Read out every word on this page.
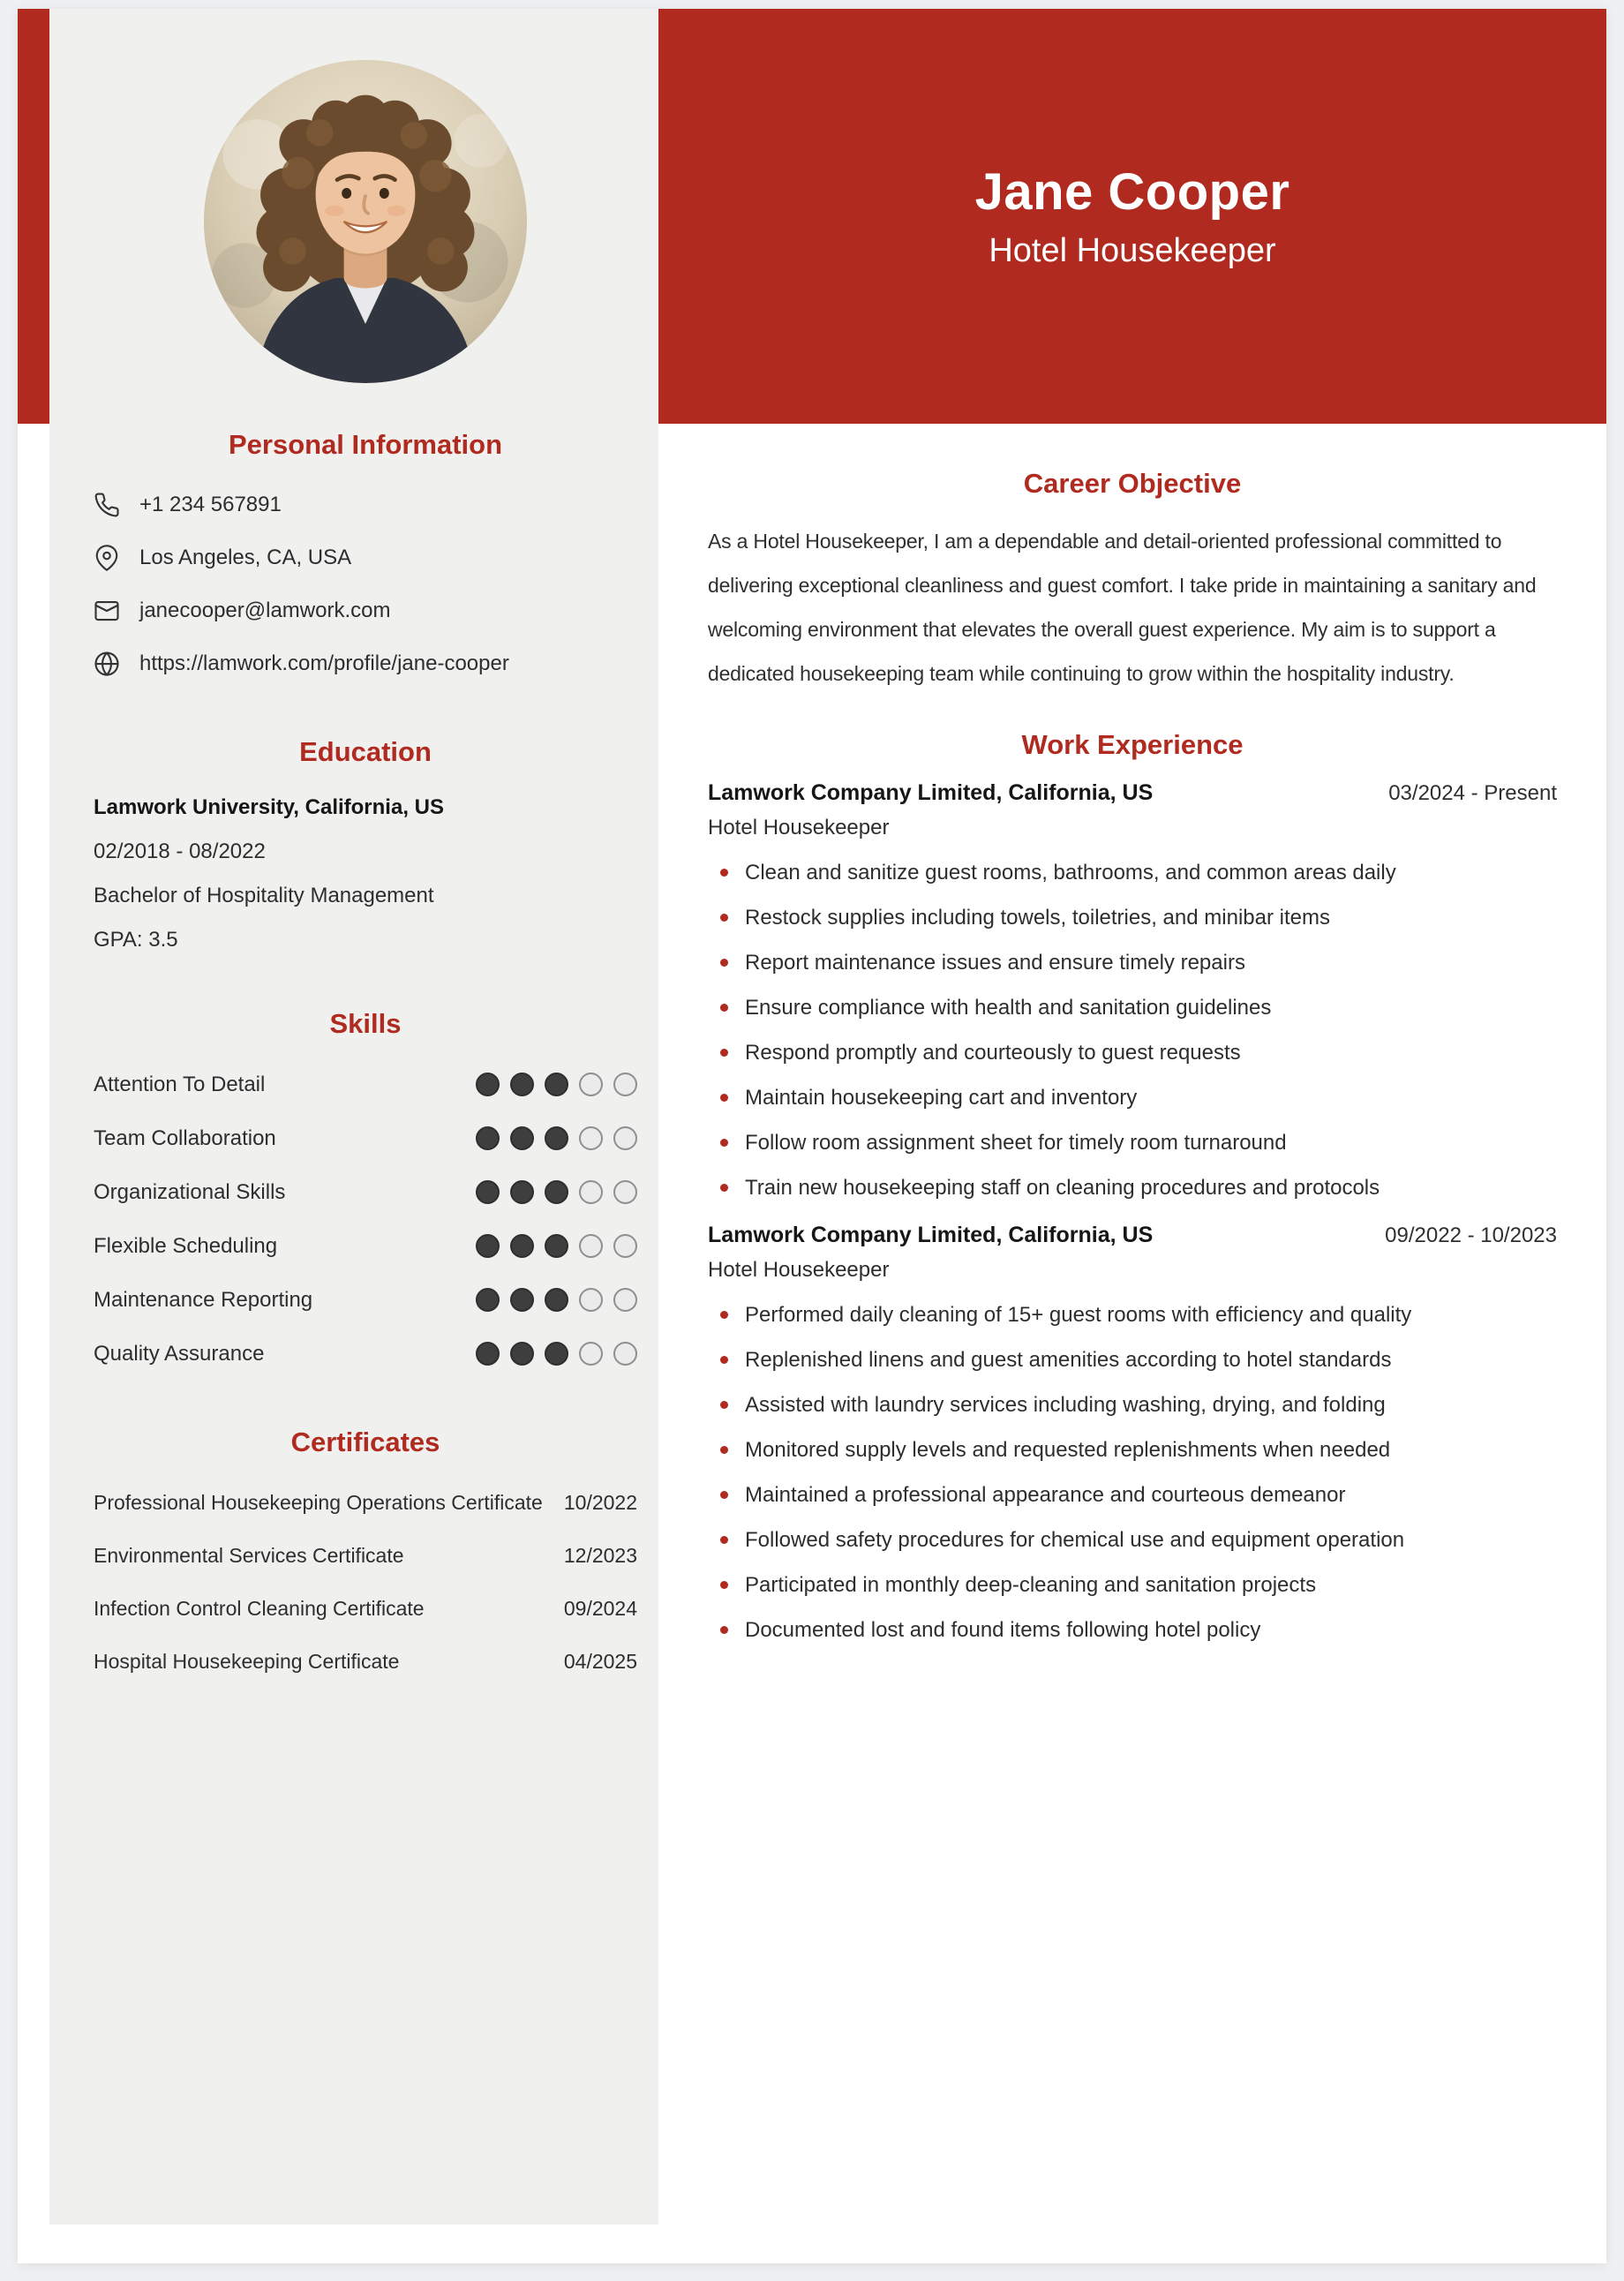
Personal Information
+1 234 567891
Los Angeles, CA, USA
janecooper@lamwork.com
https://lamwork.com/profile/jane-cooper
Education
Lamwork University, California, US
02/2018 - 08/2022
Bachelor of Hospitality Management
GPA: 3.5
Skills
Attention To Detail
Team Collaboration
Organizational Skills
Flexible Scheduling
Maintenance Reporting
Quality Assurance
Certificates
Professional Housekeeping Operations Certificate 10/2022
Environmental Services Certificate	12/2023
Infection Control Cleaning Certificate	09/2024
Hospital Housekeeping Certificate	04/2025
Jane Cooper
Hotel Housekeeper
Career Objective

As a Hotel Housekeeper, I am a dependable and detail-oriented professional committed to delivering exceptional cleanliness and guest comfort. I take pride in maintaining a sanitary and welcoming environment that elevates the overall guest experience. My aim is to support a dedicated housekeeping team while continuing to grow within the hospitality industry.

Work Experience
Lamwork Company Limited, California, US	03/2024 - Present
Hotel Housekeeper
Clean and sanitize guest rooms, bathrooms, and common areas daily
Restock supplies including towels, toiletries, and minibar items
Report maintenance issues and ensure timely repairs
Ensure compliance with health and sanitation guidelines
Respond promptly and courteously to guest requests
Maintain housekeeping cart and inventory
Follow room assignment sheet for timely room turnaround
Train new housekeeping staff on cleaning procedures and protocols
Lamwork Company Limited, California, US	09/2022 - 10/2023
Hotel Housekeeper
Performed daily cleaning of 15+ guest rooms with efficiency and quality
Replenished linens and guest amenities according to hotel standards
Assisted with laundry services including washing, drying, and folding
Monitored supply levels and requested replenishments when needed
Maintained a professional appearance and courteous demeanor
Followed safety procedures for chemical use and equipment operation
Participated in monthly deep-cleaning and sanitation projects
Documented lost and found items following hotel policy
